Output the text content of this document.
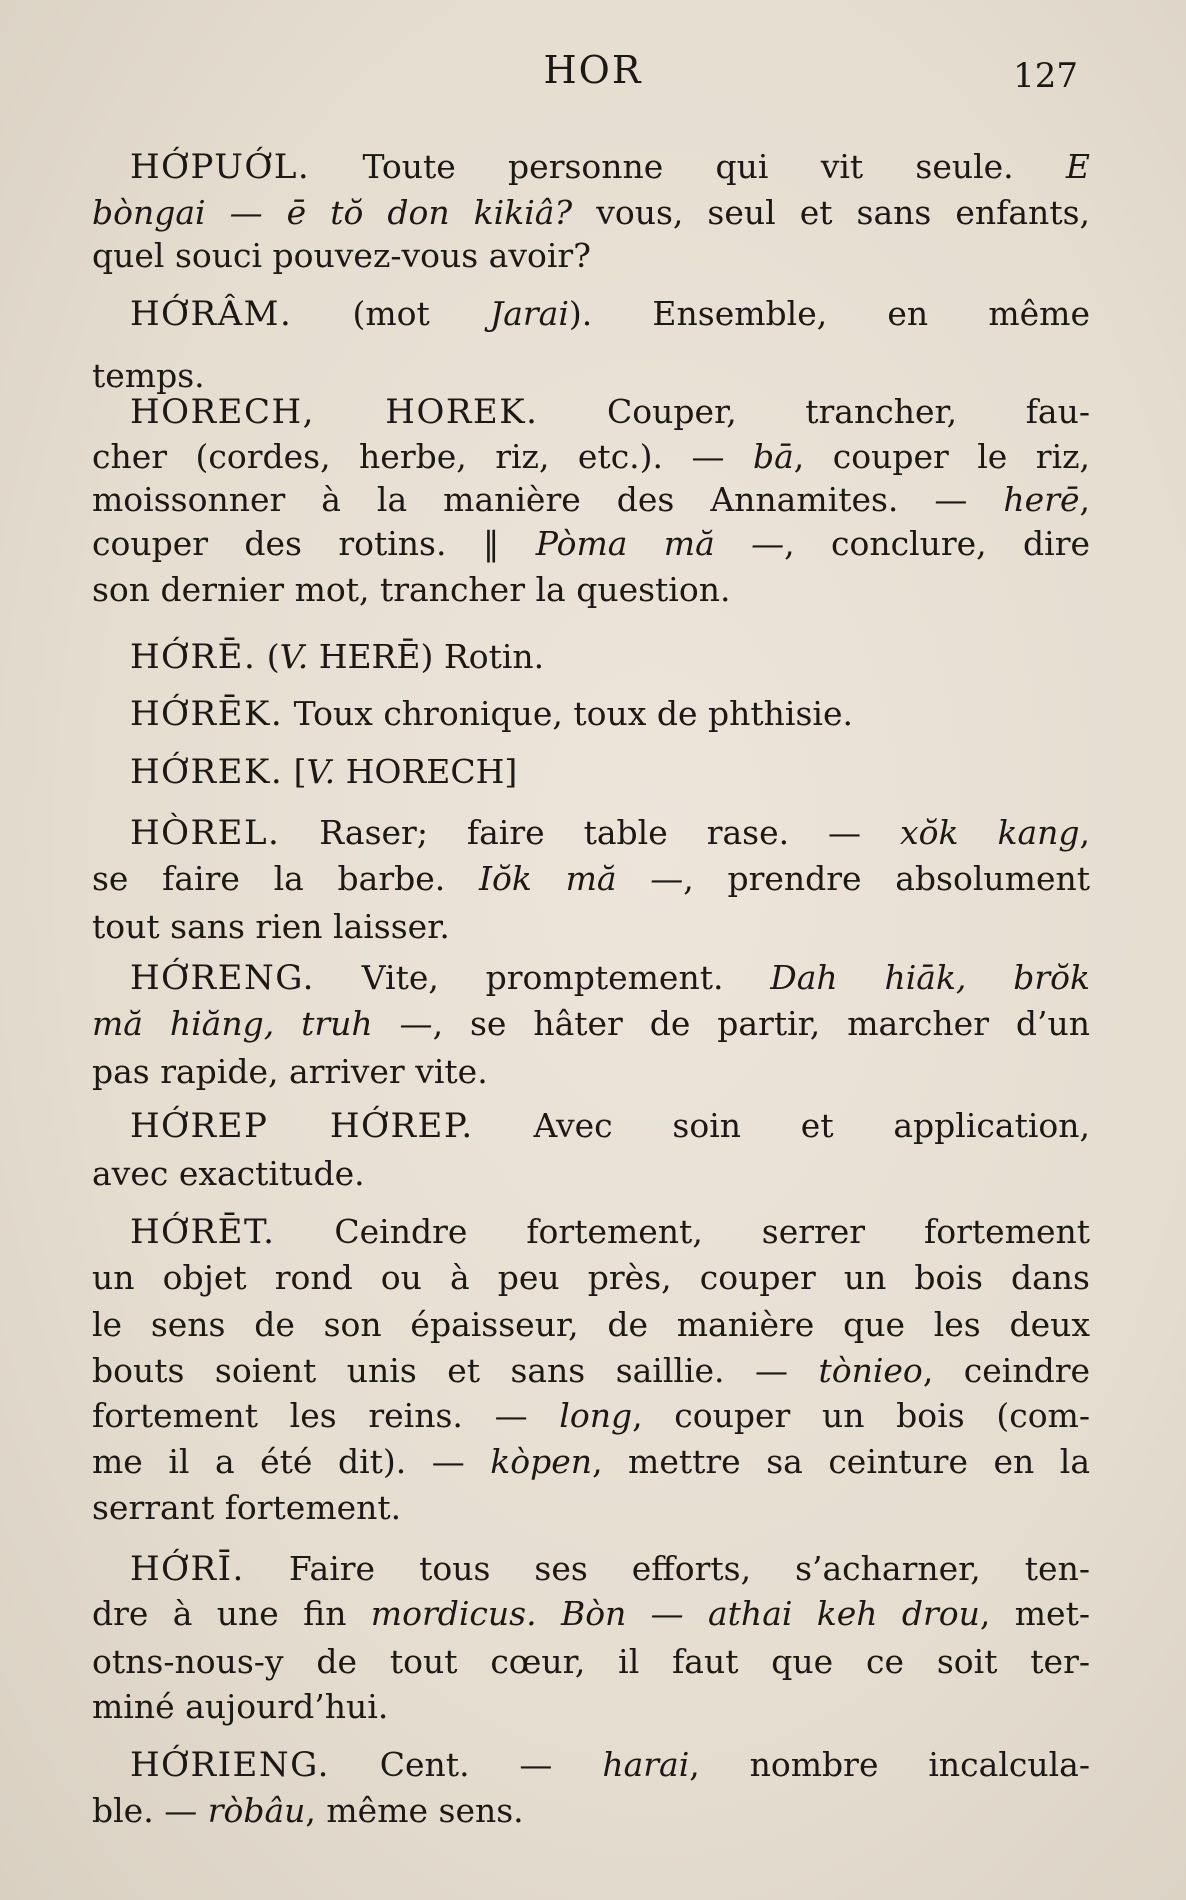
HOR	127
HỚPUỚL. Toute personne qui vit seule. E
bòngai — ē tŏ don kikiâ? vous, seul et sans enfants,
quel souci pouvez-vous avoir?
HỚRÂM. (mot Jarai). Ensemble, en même
temps.
HORECH, HOREK. Couper, trancher, fau-
cher (cordes, herbe, riz, etc.). — bā, couper le riz,
moissonner à la manière des Annamites. — herē,
couper des rotins. ‖ Pòma mă —, conclure, dire
son dernier mot, trancher la question.
HỚRĒ. (V. HERĒ) Rotin.
HỚRĒK. Toux chronique, toux de phthisie.
HỚREK. [V. HORECH]
HÒREL. Raser; faire table rase. — xŏk kang,
se faire la barbe. Iŏk mă —, prendre absolument
tout sans rien laisser.
HỚRENG. Vite, promptement. Dah hiāk, brŏk
mă hiăng, truh —, se hâter de partir, marcher d’un
pas rapide, arriver vite.
HỚREP HỚREP. Avec soin et application,
avec exactitude.
HỚRĒT. Ceindre fortement, serrer fortement
un objet rond ou à peu près, couper un bois dans
le sens de son épaisseur, de manière que les deux
bouts soient unis et sans saillie. — tònieo, ceindre
fortement les reins. — long, couper un bois (com-
me il a été dit). — kòpen, mettre sa ceinture en la
serrant fortement.
HỚRĪ. Faire tous ses efforts, s’acharner, ten-
dre à une fin mordicus. Bòn — athai keh drou, met-
otns-nous-y de tout cœur, il faut que ce soit ter-
miné aujourd’hui.
HỚRIENG. Cent. — harai, nombre incalcula-
ble. — ròbâu, même sens.
